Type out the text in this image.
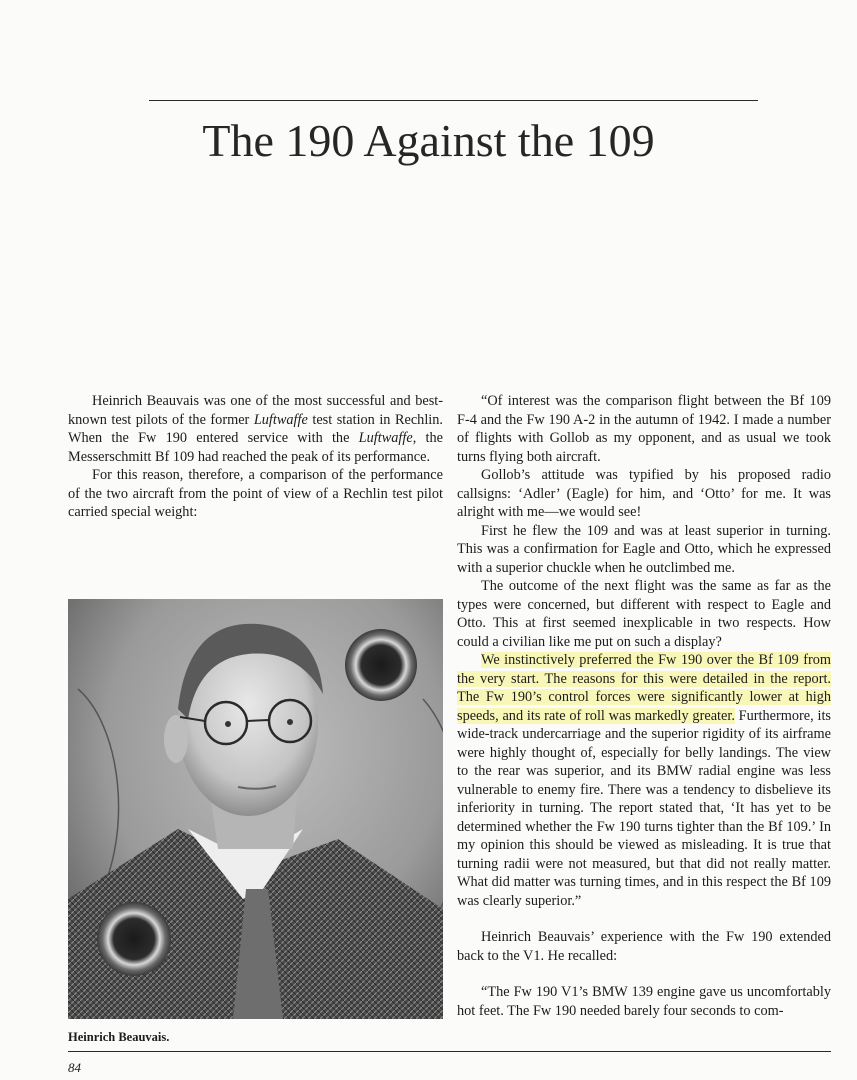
The 190 Against the 109

Heinrich Beauvais was one of the most successful and best-known test pilots of the former Luftwaffe test station in Rechlin. When the Fw 190 entered service with the Luftwaffe, the Messerschmitt Bf 109 had reached the peak of its performance.

For this reason, therefore, a comparison of the performance of the two aircraft from the point of view of a Rechlin test pilot carried special weight:

Heinrich Beauvais.

“Of interest was the comparison flight between the Bf 109 F-4 and the Fw 190 A-2 in the autumn of 1942. I made a number of flights with Gollob as my opponent, and as usual we took turns flying both aircraft.

Gollob’s attitude was typified by his proposed radio callsigns: ‘Adler’ (Eagle) for him, and ‘Otto’ for me. It was alright with me—we would see!

First he flew the 109 and was at least superior in turning. This was a confirmation for Eagle and Otto, which he expressed with a superior chuckle when he outclimbed me.

The outcome of the next flight was the same as far as the types were concerned, but different with respect to Eagle and Otto. This at first seemed inexplicable in two respects. How could a civilian like me put on such a display?

We instinctively preferred the Fw 190 over the Bf 109 from the very start. The reasons for this were detailed in the report. The Fw 190’s control forces were significantly lower at high speeds, and its rate of roll was markedly greater. Furthermore, its wide-track undercarriage and the superior rigidity of its airframe were highly thought of, especially for belly landings. The view to the rear was superior, and its BMW radial engine was less vulnerable to enemy fire. There was a tendency to disbelieve its inferiority in turning. The report stated that, ‘It has yet to be determined whether the Fw 190 turns tighter than the Bf 109.’ In my opinion this should be viewed as misleading. It is true that turning radii were not measured, but that did not really matter. What did matter was turning times, and in this respect the Bf 109 was clearly superior.”

Heinrich Beauvais’ experience with the Fw 190 extended back to the V1. He recalled:

“The Fw 190 V1’s BMW 139 engine gave us uncomfortably hot feet. The Fw 190 needed barely four seconds to com-

84
